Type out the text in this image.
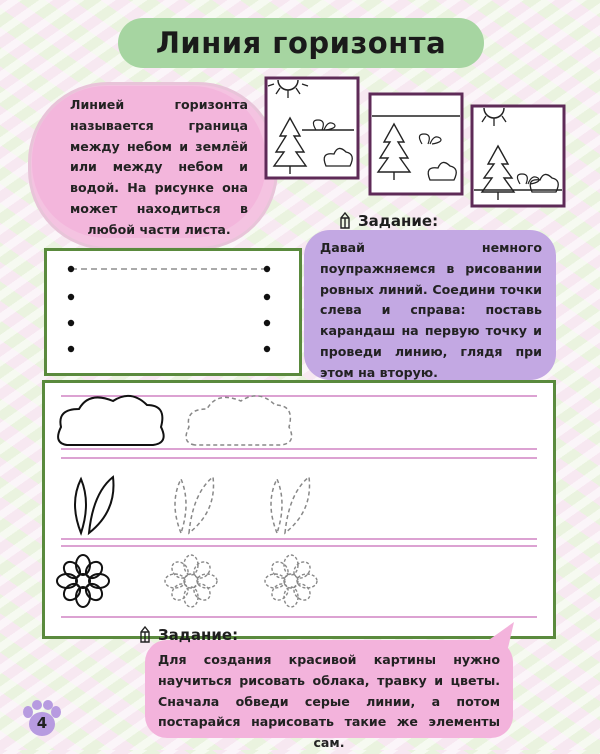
Линия горизонта
Линией горизонта называется граница между небом и землёй или между небом и водой. На рисунке она может находиться в любой части листа.	Задание:
Давай немного поупражняемся в рисовании ровных линий. Соедини точки слева и справа: поставь карандаш на первую точку и проведи линию, глядя при этом на вторую.
Задание:
Для создания красивой картины нужно научиться рисовать облака, травку и цветы. Сначала обведи серые линии, а потом постарайся нарисовать такие же элементы сам.
4
